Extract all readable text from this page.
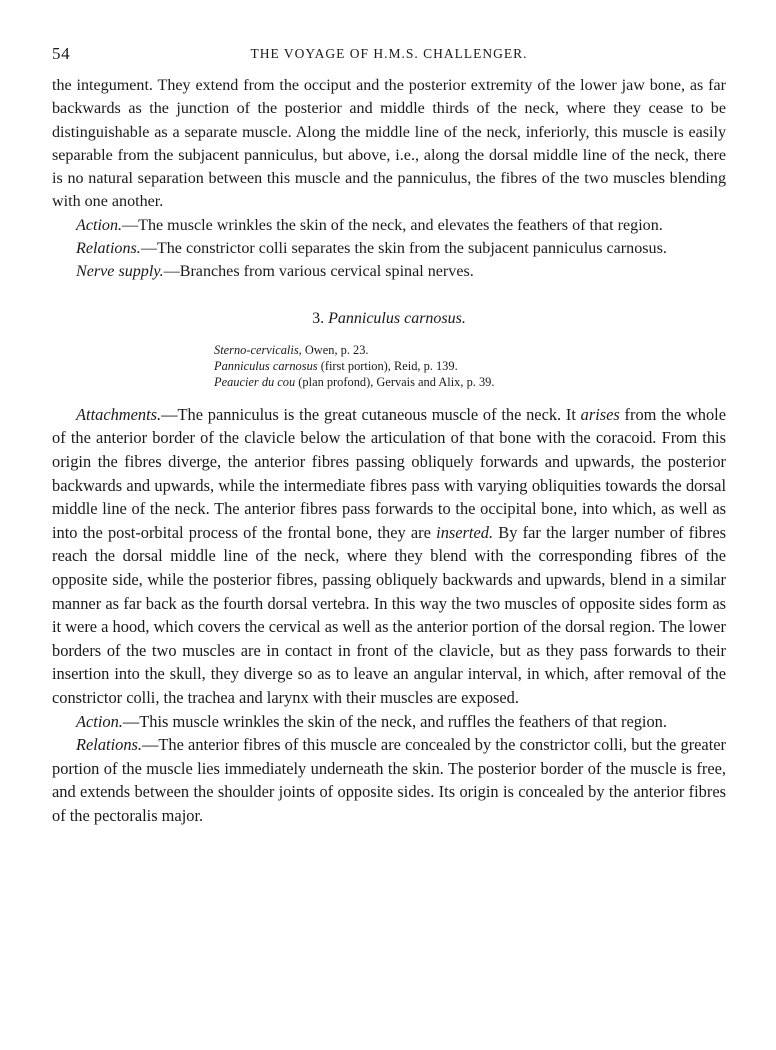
54	THE VOYAGE OF H.M.S. CHALLENGER.

the integument. They extend from the occiput and the posterior extremity of the lower jaw bone, as far backwards as the junction of the posterior and middle thirds of the neck, where they cease to be distinguishable as a separate muscle. Along the middle line of the neck, inferiorly, this muscle is easily separable from the subjacent panniculus, but above, i.e., along the dorsal middle line of the neck, there is no natural separation between this muscle and the panniculus, the fibres of the two muscles blending with one another.

Action.—The muscle wrinkles the skin of the neck, and elevates the feathers of that region.

Relations.—The constrictor colli separates the skin from the subjacent panniculus carnosus.

Nerve supply.—Branches from various cervical spinal nerves.

3. Panniculus carnosus.
Sterno-cervicalis, Owen, p. 23.
Panniculus carnosus (first portion), Reid, p. 139.
Peaucier du cou (plan profond), Gervais and Alix, p. 39.

Attachments.—The panniculus is the great cutaneous muscle of the neck. It arises from the whole of the anterior border of the clavicle below the articulation of that bone with the coracoid. From this origin the fibres diverge, the anterior fibres passing obliquely forwards and upwards, the posterior backwards and upwards, while the intermediate fibres pass with varying obliquities towards the dorsal middle line of the neck. The anterior fibres pass forwards to the occipital bone, into which, as well as into the post-orbital process of the frontal bone, they are inserted. By far the larger number of fibres reach the dorsal middle line of the neck, where they blend with the corresponding fibres of the opposite side, while the posterior fibres, passing obliquely backwards and upwards, blend in a similar manner as far back as the fourth dorsal vertebra. In this way the two muscles of opposite sides form as it were a hood, which covers the cervical as well as the anterior portion of the dorsal region. The lower borders of the two muscles are in contact in front of the clavicle, but as they pass forwards to their insertion into the skull, they diverge so as to leave an angular interval, in which, after removal of the constrictor colli, the trachea and larynx with their muscles are exposed.

Action.—This muscle wrinkles the skin of the neck, and ruffles the feathers of that region.

Relations.—The anterior fibres of this muscle are concealed by the constrictor colli, but the greater portion of the muscle lies immediately underneath the skin. The posterior border of the muscle is free, and extends between the shoulder joints of opposite sides. Its origin is concealed by the anterior fibres of the pectoralis major.
